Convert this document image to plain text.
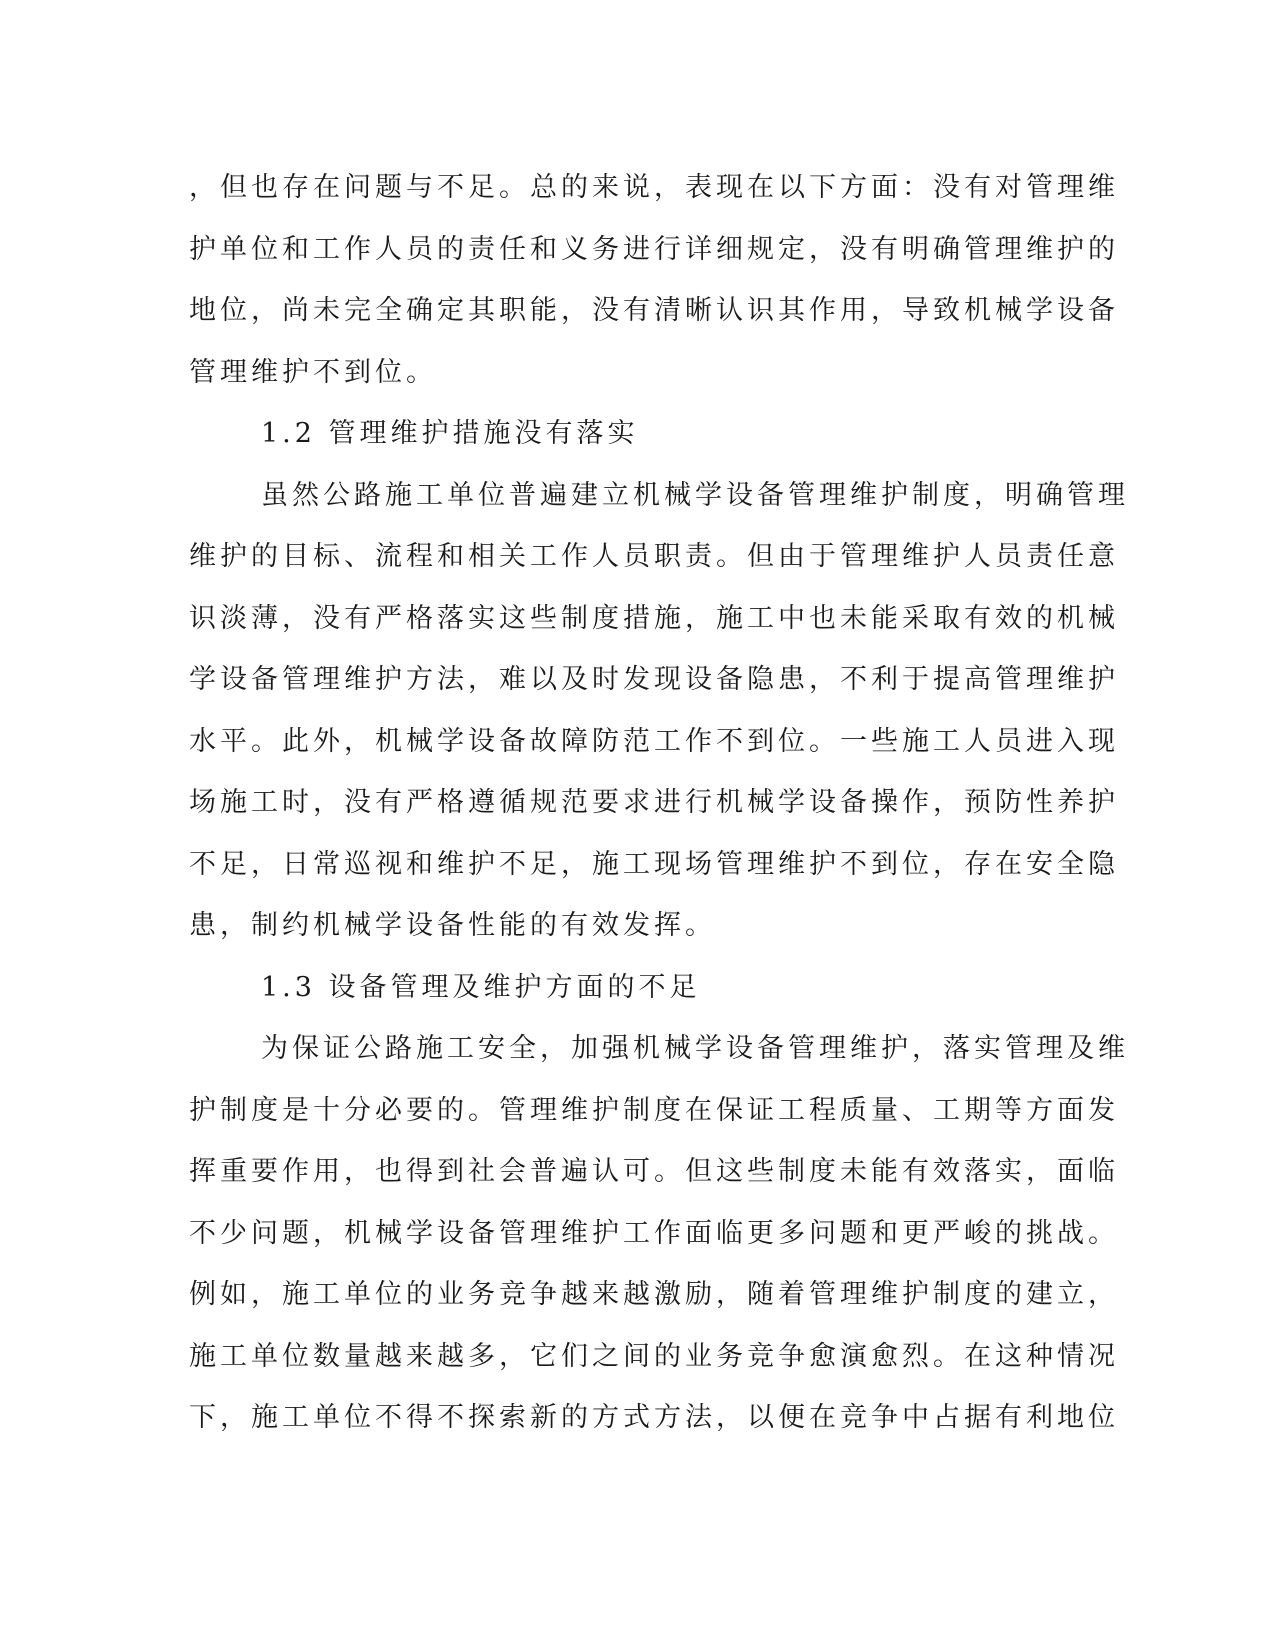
，但也存在问题与不足。总的来说，表现在以下方面：没有对管理维
护单位和工作人员的责任和义务进行详细规定，没有明确管理维护的
地位，尚未完全确定其职能，没有清晰认识其作用，导致机械学设备
管理维护不到位。
1.2 管理维护措施没有落实
虽然公路施工单位普遍建立机械学设备管理维护制度，明确管理
维护的目标、流程和相关工作人员职责。但由于管理维护人员责任意
识淡薄，没有严格落实这些制度措施，施工中也未能采取有效的机械
学设备管理维护方法，难以及时发现设备隐患，不利于提高管理维护
水平。此外，机械学设备故障防范工作不到位。一些施工人员进入现
场施工时，没有严格遵循规范要求进行机械学设备操作，预防性养护
不足，日常巡视和维护不足，施工现场管理维护不到位，存在安全隐
患，制约机械学设备性能的有效发挥。
1.3 设备管理及维护方面的不足
为保证公路施工安全，加强机械学设备管理维护，落实管理及维
护制度是十分必要的。管理维护制度在保证工程质量、工期等方面发
挥重要作用，也得到社会普遍认可。但这些制度未能有效落实，面临
不少问题，机械学设备管理维护工作面临更多问题和更严峻的挑战。
例如，施工单位的业务竞争越来越激励，随着管理维护制度的建立，
施工单位数量越来越多，它们之间的业务竞争愈演愈烈。在这种情况
下，施工单位不得不探索新的方式方法，以便在竞争中占据有利地位
